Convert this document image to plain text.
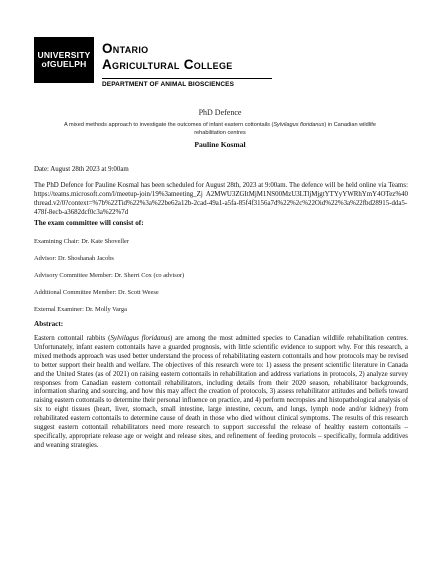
UNIVERSITY
ofGUELPH
Ontario
Agricultural College
DEPARTMENT OF ANIMAL BIOSCIENCES
PhD Defence
A mixed methods approach to investigate the outcomes of infant eastern cottontails (Sylvilagus floridanus) in Canadian wildlife rehabilitation centres
Pauline Kosmal
Date: August 28th 2023 at 9:00am
The PhD Defence for Pauline Kosmal has been scheduled for August 28th, 2023 at 9:00am. The defence will be held online via Teams: https://teams.microsoft.com/l/meetup-join/19%3ameeting_Zj A2MWU3ZGItMjM1NS00MzU3LTljMjgtYTYyYWRhYmY4OTez%40thread.v2/0?context=%7b%22Tid%22%3a%22be62a12b-2cad-49a1-a5fa-85f4f3156a7d%22%2c%22Oid%22%3a%22fbd28915-dda5-478f-8ecb-a3682dcf0c3a%22%7d
The exam committee will consist of:
Examining Chair: Dr. Kate Shoveller
Advisor: Dr. Shoshanah Jacobs
Advisory Committee Member: Dr. Sherri Cox (co advisor)
Additional Committee Member: Dr. Scott Weese
External Examiner: Dr. Molly Varga
Abstract:
Eastern cottontail rabbits (Sylvilagus floridanus) are among the most admitted species to Canadian wildlife rehabilitation centres. Unfortunately, infant eastern cottontails have a guarded prognosis, with little scientific evidence to support why. For this research, a mixed methods approach was used better understand the process of rehabilitating eastern cottontails and how protocols may be revised to better support their health and welfare. The objectives of this research were to: 1) assess the present scientific literature in Canada and the United States (as of 2021) on raising eastern cottontails in rehabilitation and address variations in protocols, 2) analyze survey responses from Canadian eastern cottontail rehabilitators, including details from their 2020 season, rehabilitator backgrounds, information sharing and sourcing, and how this may affect the creation of protocols, 3) assess rehabilitator attitudes and beliefs toward raising eastern cottontails to determine their personal influence on practice, and 4) perform necropsies and histopathological analysis of six to eight tissues (heart, liver, stomach, small intestine, large intestine, cecum, and lungs, lymph node and/or kidney) from rehabilitated eastern cottontails to determine cause of death in those who died without clinical symptoms. The results of this research suggest eastern cottontail rehabilitators need more research to support successful the release of healthy eastern cottontails – specifically, appropriate release age or weight and release sites, and refinement of feeding protocols – specifically, formula additives and weaning strategies.
